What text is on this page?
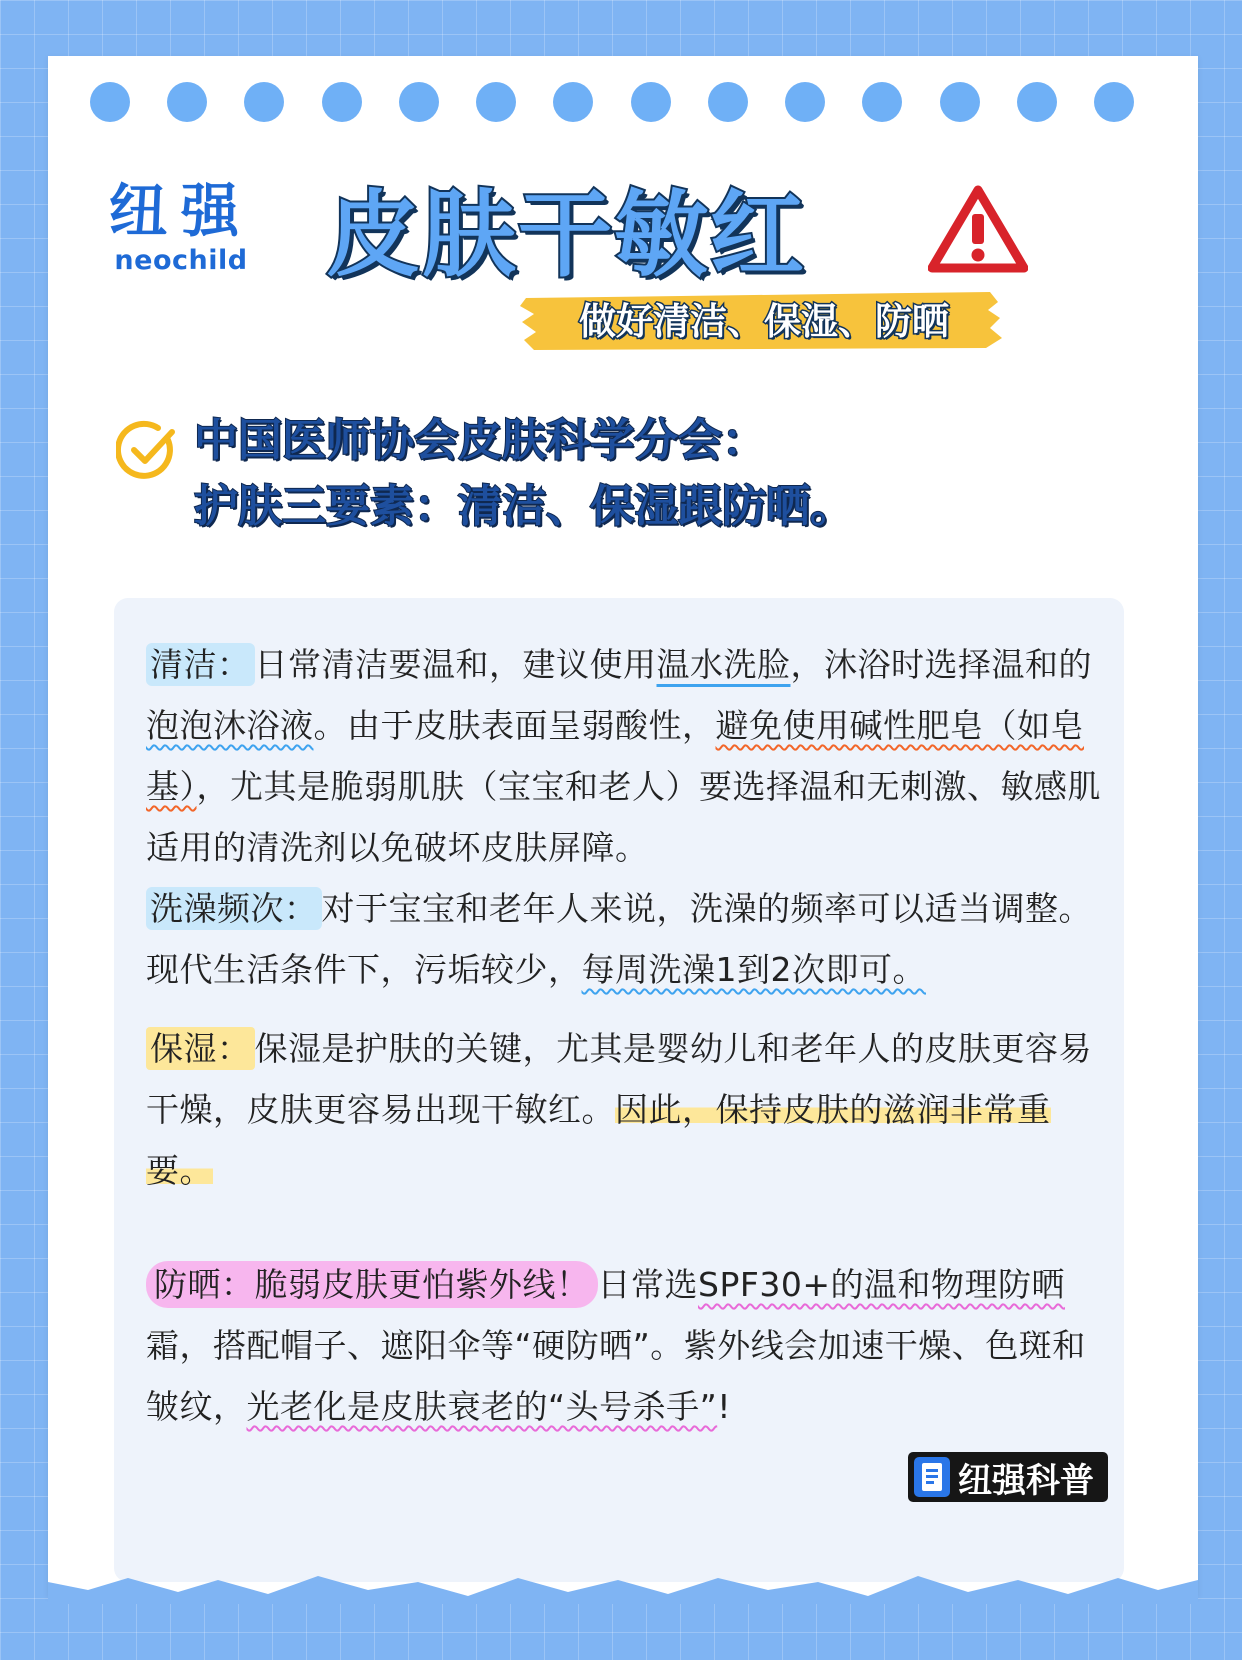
纽强
neochild 皮肤干敏红
做好清洁、保湿、防晒
中国医师协会皮肤科学分会：
护肤三要素：清洁、保湿跟防晒。
清洁： 日常清洁要温和，建议使用温水洗脸，沐浴时选择温和的泡泡沐浴液。由于皮肤表面呈弱酸性，避免使用碱性肥皂（如皂基），尤其是脆弱肌肤（宝宝和老人）要选择温和无刺激、敏感肌适用的清洗剂以免破坏皮肤屏障。
洗澡频次： 对于宝宝和老年人来说，洗澡的频率可以适当调整。现代生活条件下，污垢较少，每周洗澡1到2次即可。
保湿： 保湿是护肤的关键，尤其是婴幼儿和老年人的皮肤更容易干燥，皮肤更容易出现干敏红。因此，保持皮肤的滋润非常重要。
防晒：脆弱皮肤更怕紫外线！ 日常选SPF30+的温和物理防晒霜，搭配帽子、遮阳伞等“硬防晒”。紫外线会加速干燥、色斑和皱纹，光老化是皮肤衰老的“头号杀手”!
纽强科普
